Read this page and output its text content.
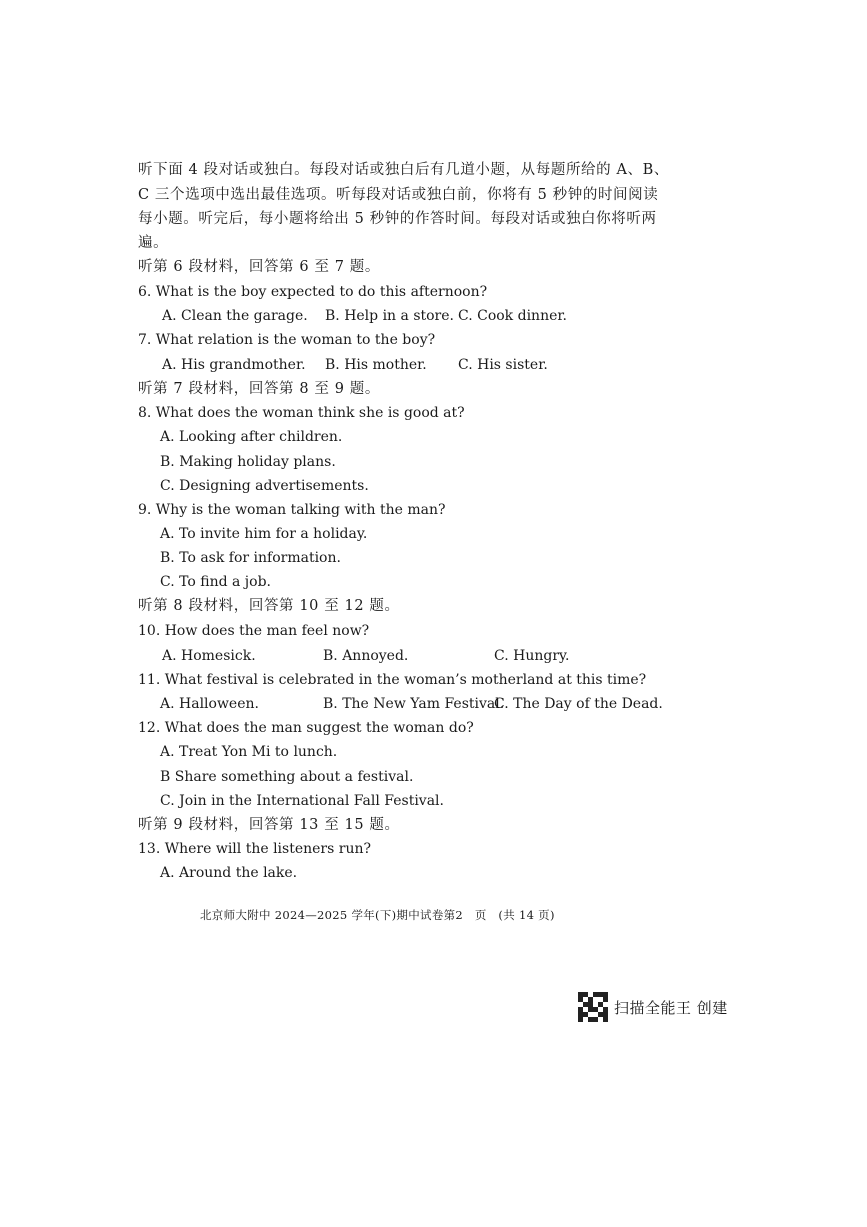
听下面 4 段对话或独白。每段对话或独白后有几道小题，从每题所给的 A、B、
C 三个选项中选出最佳选项。听每段对话或独白前，你将有 5 秒钟的时间阅读
每小题。听完后，每小题将给出 5 秒钟的作答时间。每段对话或独白你将听两
遍。
听第 6 段材料，回答第 6 至 7 题。
6. What is the boy expected to do this afternoon?
A. Clean the garage. B. Help in a store. C. Cook dinner.
7. What relation is the woman to the boy?
A. His grandmother. B. His mother. C. His sister.
听第 7 段材料，回答第 8 至 9 题。
8. What does the woman think she is good at?
A. Looking after children.
B. Making holiday plans.
C. Designing advertisements.
9. Why is the woman talking with the man?
A. To invite him for a holiday.
B. To ask for information.
C. To find a job.
听第 8 段材料，回答第 10 至 12 题。
10. How does the man feel now?
A. Homesick.	B. Annoyed.	C. Hungry.
11. What festival is celebrated in the woman’s motherland at this time?
A. Halloween.	B. The New Yam Festival.
C. The Day of the Dead.
12. What does the man suggest the woman do?
A. Treat Yon Mi to lunch.
B Share something about a festival.
C. Join in the International Fall Festival.
听第 9 段材料，回答第 13 至 15 题。
13. Where will the listeners run?
A. Around the lake.
北京师大附中 2024—2025 学年(下)期中试卷第2　页　(共 14 页)
扫描全能王 创建
